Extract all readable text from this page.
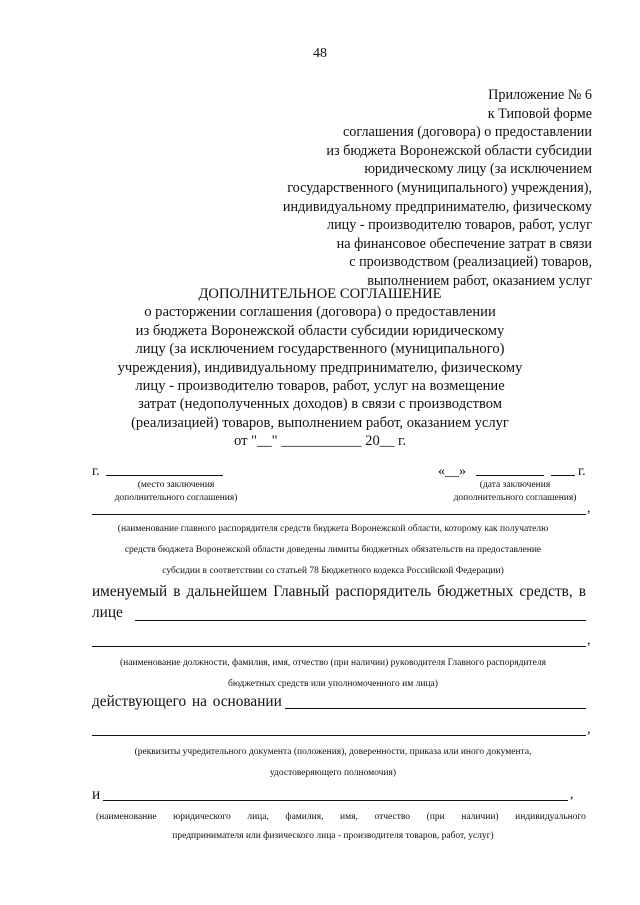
48
Приложение № 6
к Типовой форме
соглашения (договора) о предоставлении
из бюджета Воронежской области субсидии
юридическому лицу (за исключением
государственного (муниципального) учреждения),
индивидуальному предпринимателю, физическому
лицу - производителю товаров, работ, услуг
на финансовое обеспечение затрат в связи
с производством (реализацией) товаров,
выполнением работ, оказанием услуг
ДОПОЛНИТЕЛЬНОЕ СОГЛАШЕНИЕ
о расторжении соглашения (договора) о предоставлении
из бюджета Воронежской области субсидии юридическому
лицу (за исключением государственного (муниципального)
учреждения), индивидуальному предпринимателю, физическому
лицу - производителю товаров, работ, услуг на возмещение
затрат (недополученных доходов) в связи с производством
(реализацией) товаров, выполнением работ, оказанием услуг
от "__" ___________ 20__ г.
г.
(место заключения
дополнительного соглашения)
«__»	г.
(дата заключения
дополнительного соглашения)
,
(наименование главного распорядителя средств бюджета Воронежской области, которому как получателю
средств бюджета Воронежской области доведены лимиты бюджетных обязательств на предоставление
субсидии в соответствии со статьей 78 Бюджетного кодекса Российской Федерации)
именуемый в дальнейшем Главный распорядитель бюджетных средств, в
лице
,
(наименование должности, фамилия, имя, отчество (при наличии) руководителя Главного распорядителя
бюджетных средств или уполномоченного им лица)
действующего на основании
,
(реквизиты учредительного документа (положения), доверенности, приказа или иного документа,
удостоверяющего полномочия)
и	,
(наименование юридического лица, фамилия, имя, отчество (при наличии) индивидуального
предпринимателя или физического лица - производителя товаров, работ, услуг)
